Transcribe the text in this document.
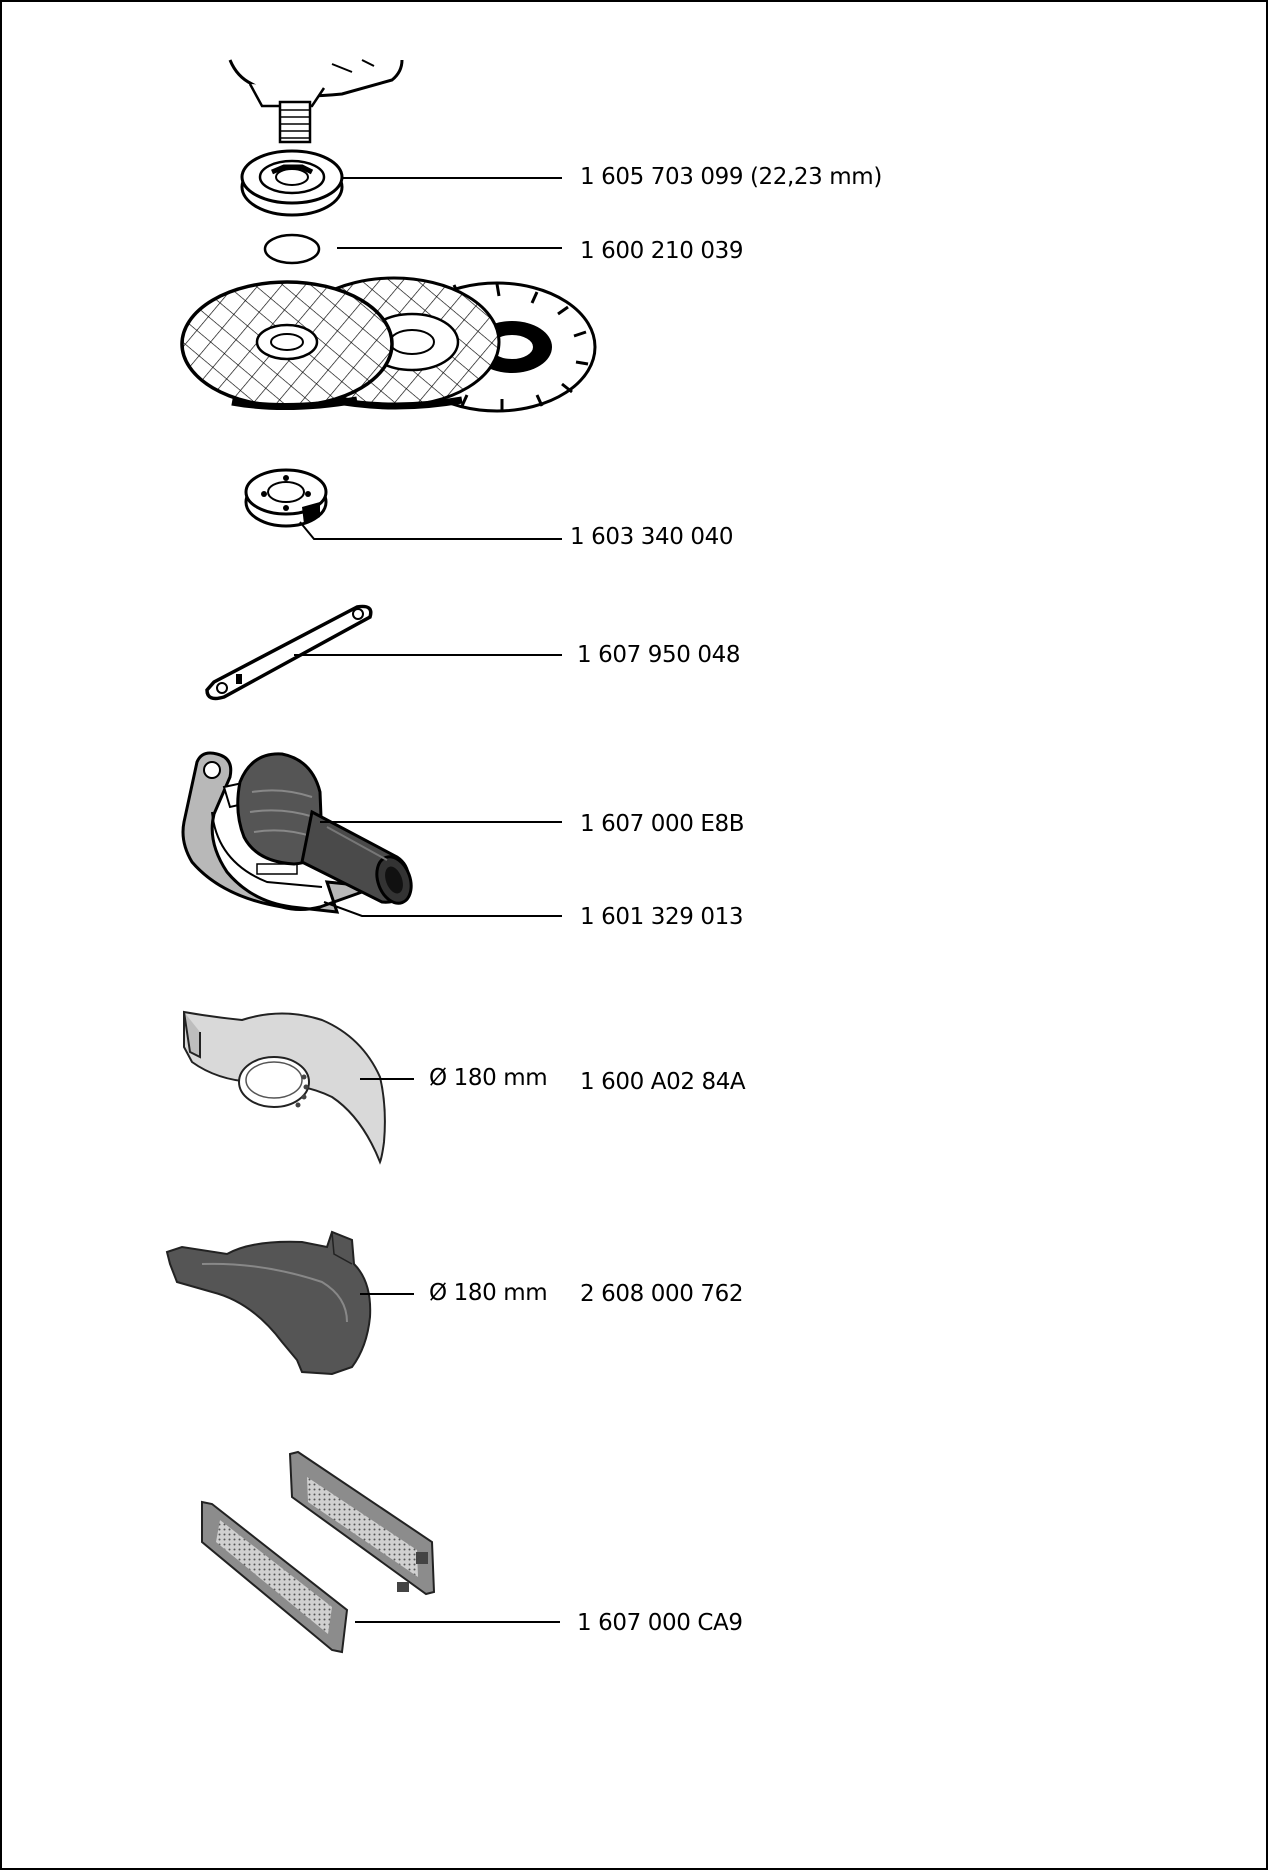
1 605 703 099 (22,23 mm)
1 600 210 039
1 603 340 040
1 607 950 048
1 607 000 E8B
1 601 329 013
Ø 180 mm 1 600 A02 84A
Ø 180 mm 2 608 000 762
1 607 000 CA9
